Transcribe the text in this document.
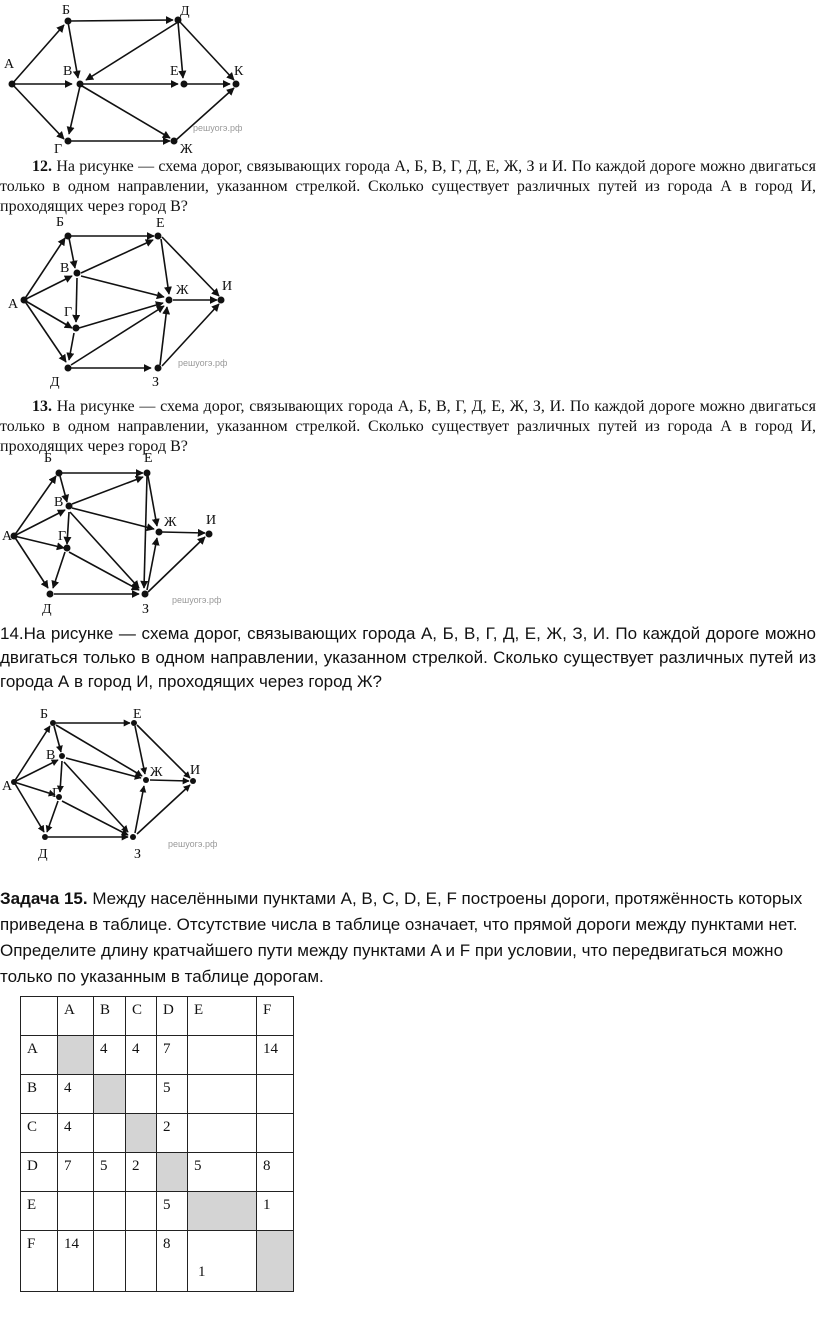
А
Б	Д
В	Е	К
Г	Ж
решуогэ.рф

12. На рисунке — схема дорог, связывающих города А, Б, В, Г, Д, Е, Ж, З и И. По каждой дороге можно двигаться только в одном направлении, указанном стрелкой. Сколько существует различных путей из города А в город И, проходящих через город В?

А
Б
В
Г
Д
Е
Ж И
З
решуогэ.рф

13. На рисунке — схема дорог, связывающих города А, Б, В, Г, Д, Е, Ж, З, И. По каждой дороге можно двигаться только в одном направлении, указанном стрелкой. Сколько существует различных путей из города А в город И, проходящих через город В?

А
Б
В
Г
Д
Е
Ж И
З
решуогэ.рф

14.На рисунке — схема дорог, связывающих города А, Б, В, Г, Д, Е, Ж, З, И. По каждой дороге можно двигаться только в одном направлении, указанном стрелкой. Сколько существует различных путей из города А в город И, проходящих через город Ж?

А
Б
В
Г
Д
Е
Ж И
З
решуогэ.рф

Задача 15. Между населёнными пунктами A, B, C, D, E, F построены дороги, протяжённость которых приведена в таблице. Отсутствие числа в таблице означает, что прямой дороги между пунктами нет. Определите длину кратчайшего пути между пунктами A и F при условии, что передвигаться можно только по указанным в таблице дорогам.

	A	B	C	D	E	F
A		4	4	7		14
B	4			5		
C	4			2		
D	7	5	2		5	8
E				5		1
F	14			8	1	
